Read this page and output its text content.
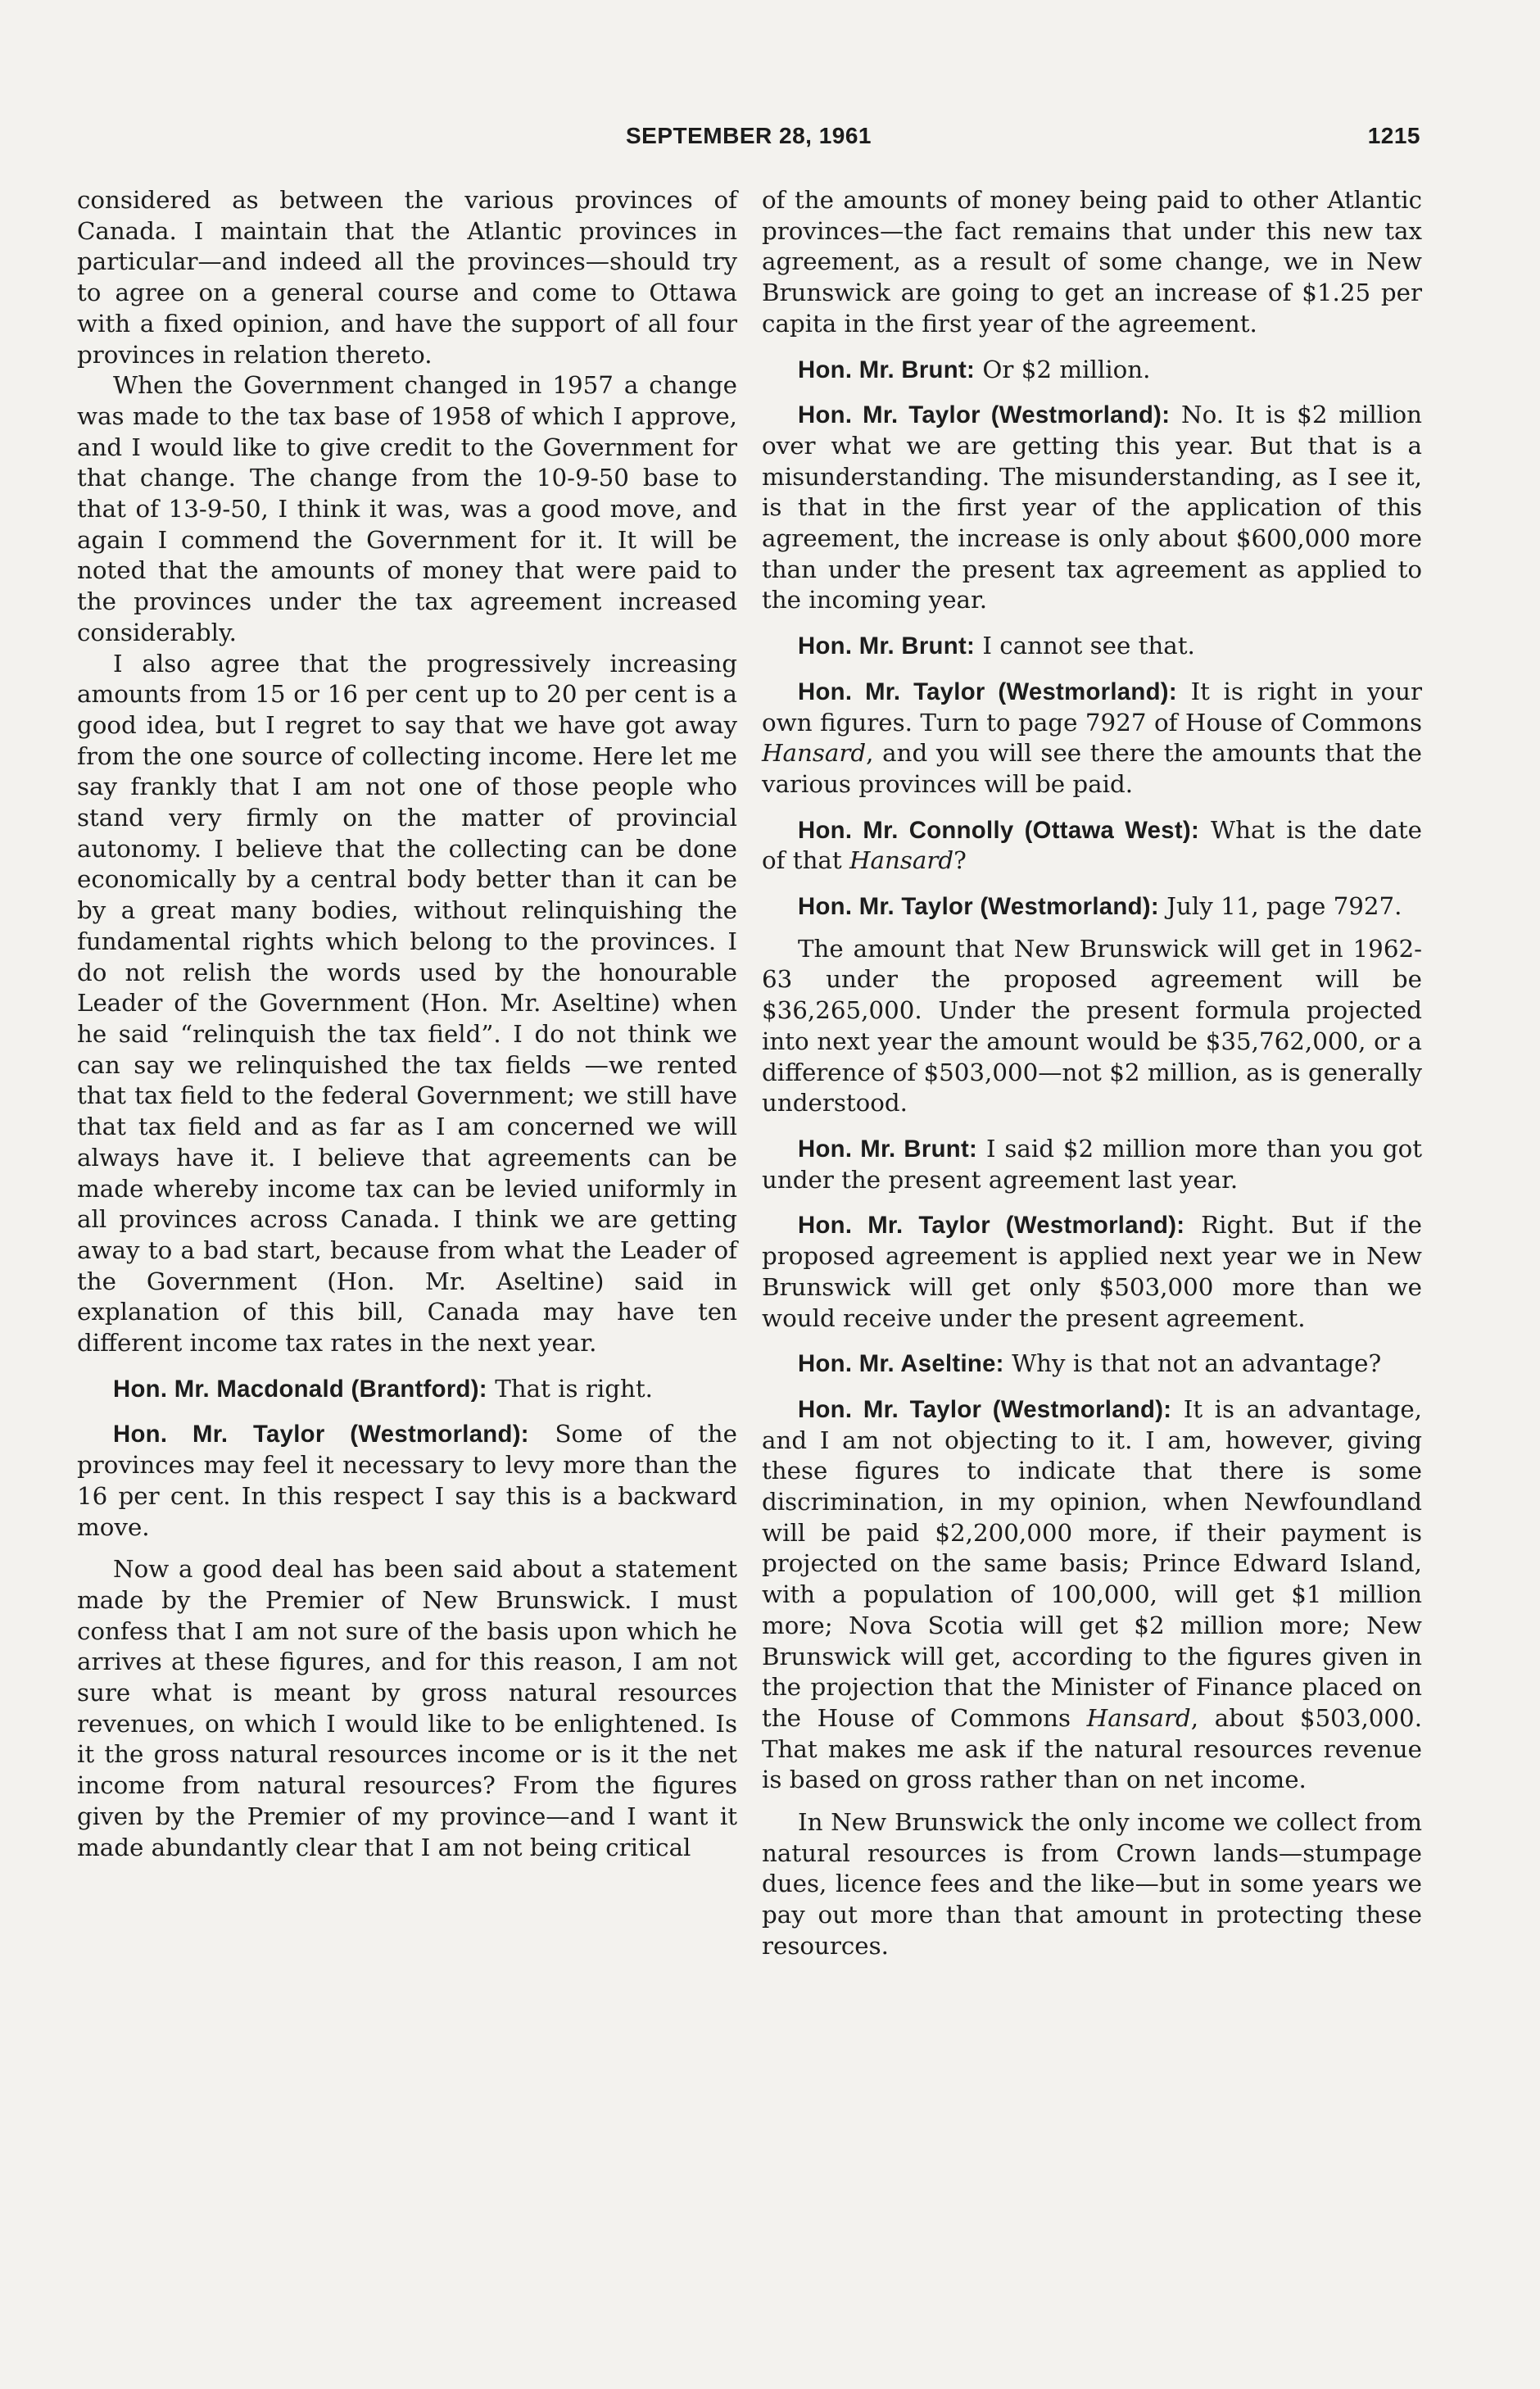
SEPTEMBER 28, 1961	1215

considered as between the various provinces of Canada. I maintain that the Atlantic provinces in particular—and indeed all the provinces—should try to agree on a general course and come to Ottawa with a fixed opinion, and have the support of all four provinces in relation thereto.

When the Government changed in 1957 a change was made to the tax base of 1958 of which I approve, and I would like to give credit to the Government for that change. The change from the 10-9-50 base to that of 13-9-50, I think it was, was a good move, and again I commend the Government for it. It will be noted that the amounts of money that were paid to the provinces under the tax agreement increased considerably.

I also agree that the progressively increasing amounts from 15 or 16 per cent up to 20 per cent is a good idea, but I regret to say that we have got away from the one source of collecting income. Here let me say frankly that I am not one of those people who stand very firmly on the matter of provincial autonomy. I believe that the collecting can be done economically by a central body better than it can be by a great many bodies, without relinquishing the fundamental rights which belong to the provinces. I do not relish the words used by the honourable Leader of the Government (Hon. Mr. Aseltine) when he said “relinquish the tax field”. I do not think we can say we relinquished the tax fields —we rented that tax field to the federal Government; we still have that tax field and as far as I am concerned we will always have it. I believe that agreements can be made whereby income tax can be levied uniformly in all provinces across Canada. I think we are getting away to a bad start, because from what the Leader of the Government (Hon. Mr. Aseltine) said in explanation of this bill, Canada may have ten different income tax rates in the next year.

Hon. Mr. Macdonald (Brantford): That is right.

Hon. Mr. Taylor (Westmorland): Some of the provinces may feel it necessary to levy more than the 16 per cent. In this respect I say this is a backward move.

Now a good deal has been said about a statement made by the Premier of New Brunswick. I must confess that I am not sure of the basis upon which he arrives at these figures, and for this reason, I am not sure what is meant by gross natural resources revenues, on which I would like to be enlightened. Is it the gross natural resources income or is it the net income from natural resources? From the figures given by the Premier of my province—and I want it made abundantly clear that I am not being critical

of the amounts of money being paid to other Atlantic provinces—the fact remains that under this new tax agreement, as a result of some change, we in New Brunswick are going to get an increase of $1.25 per capita in the first year of the agreement.

Hon. Mr. Brunt: Or $2 million.

Hon. Mr. Taylor (Westmorland): No. It is $2 million over what we are getting this year. But that is a misunderstanding. The misunderstanding, as I see it, is that in the first year of the application of this agreement, the increase is only about $600,000 more than under the present tax agreement as applied to the incoming year.

Hon. Mr. Brunt: I cannot see that.

Hon. Mr. Taylor (Westmorland): It is right in your own figures. Turn to page 7927 of House of Commons Hansard, and you will see there the amounts that the various provinces will be paid.

Hon. Mr. Connolly (Ottawa West): What is the date of that Hansard?

Hon. Mr. Taylor (Westmorland): July 11, page 7927.

The amount that New Brunswick will get in 1962-63 under the proposed agreement will be $36,265,000. Under the present formula projected into next year the amount would be $35,762,000, or a difference of $503,000—not $2 million, as is generally understood.

Hon. Mr. Brunt: I said $2 million more than you got under the present agreement last year.

Hon. Mr. Taylor (Westmorland): Right. But if the proposed agreement is applied next year we in New Brunswick will get only $503,000 more than we would receive under the present agreement.

Hon. Mr. Aseltine: Why is that not an advantage?

Hon. Mr. Taylor (Westmorland): It is an advantage, and I am not objecting to it. I am, however, giving these figures to indicate that there is some discrimination, in my opinion, when Newfoundland will be paid $2,200,000 more, if their payment is projected on the same basis; Prince Edward Island, with a population of 100,000, will get $1 million more; Nova Scotia will get $2 million more; New Brunswick will get, according to the figures given in the projection that the Minister of Finance placed on the House of Commons Hansard, about $503,000. That makes me ask if the natural resources revenue is based on gross rather than on net income.

In New Brunswick the only income we collect from natural resources is from Crown lands—stumpage dues, licence fees and the like—but in some years we pay out more than that amount in protecting these resources.
